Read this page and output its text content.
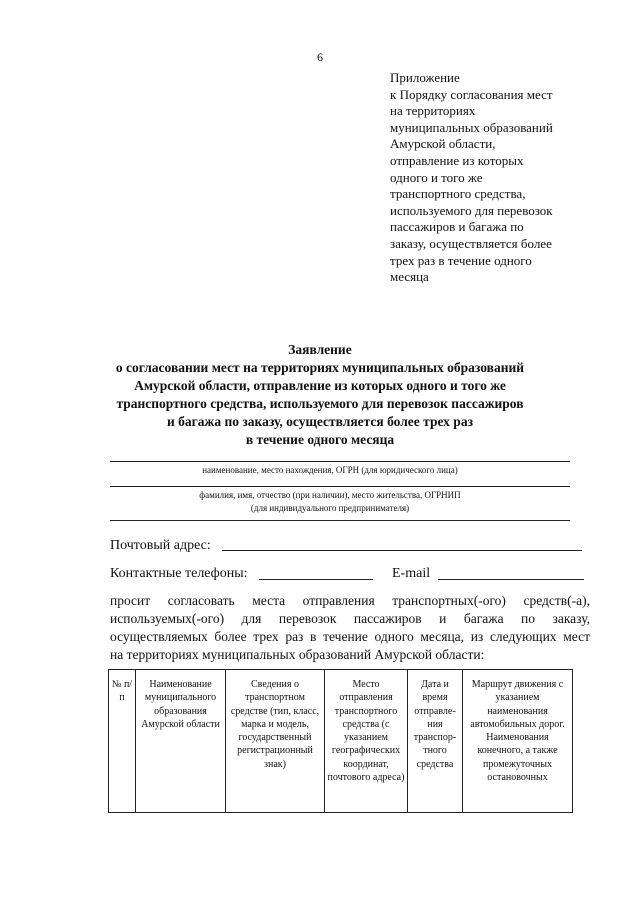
6
Приложение
к Порядку согласования мест
на территориях
муниципальных образований
Амурской области,
отправление из которых
одного и того же
транспортного средства,
используемого для перевозок
пассажиров и багажа по
заказу, осуществляется более
трех раз в течение одного
месяца
Заявление
о согласовании мест на территориях муниципальных образований
Амурской области, отправление из которых одного и того же
транспортного средства, используемого для перевозок пассажиров
и багажа по заказу, осуществляется более трех раз
в течение одного месяца
наименование, место нахождения, ОГРН (для юридического лица)
фамилия, имя, отчество (при наличии), место жительства, ОГРНИП
(для индивидуального предпринимателя)
Почтовый адрес:
Контактные телефоны:	E-mail
просит согласовать места отправления транспортных(-ого) средств(-а),
используемых(-ого) для перевозок пассажиров и багажа по заказу,
осуществляемых более трех раз в течение одного месяца, из следующих мест
на территориях муниципальных образований Амурской области:
№ п/п	Наименование муниципального образования Амурской области	Сведения о транспортном средстве (тип, класс, марка и модель, государственный регистрационный знак)	Место отправления транспортного средства (с указанием географических координат, почтового адреса)	Дата и время отправле-ния транспор-тного средства	Маршрут движения с указанием наименования автомобильных дорог. Наименования конечного, а также промежуточных остановочных
